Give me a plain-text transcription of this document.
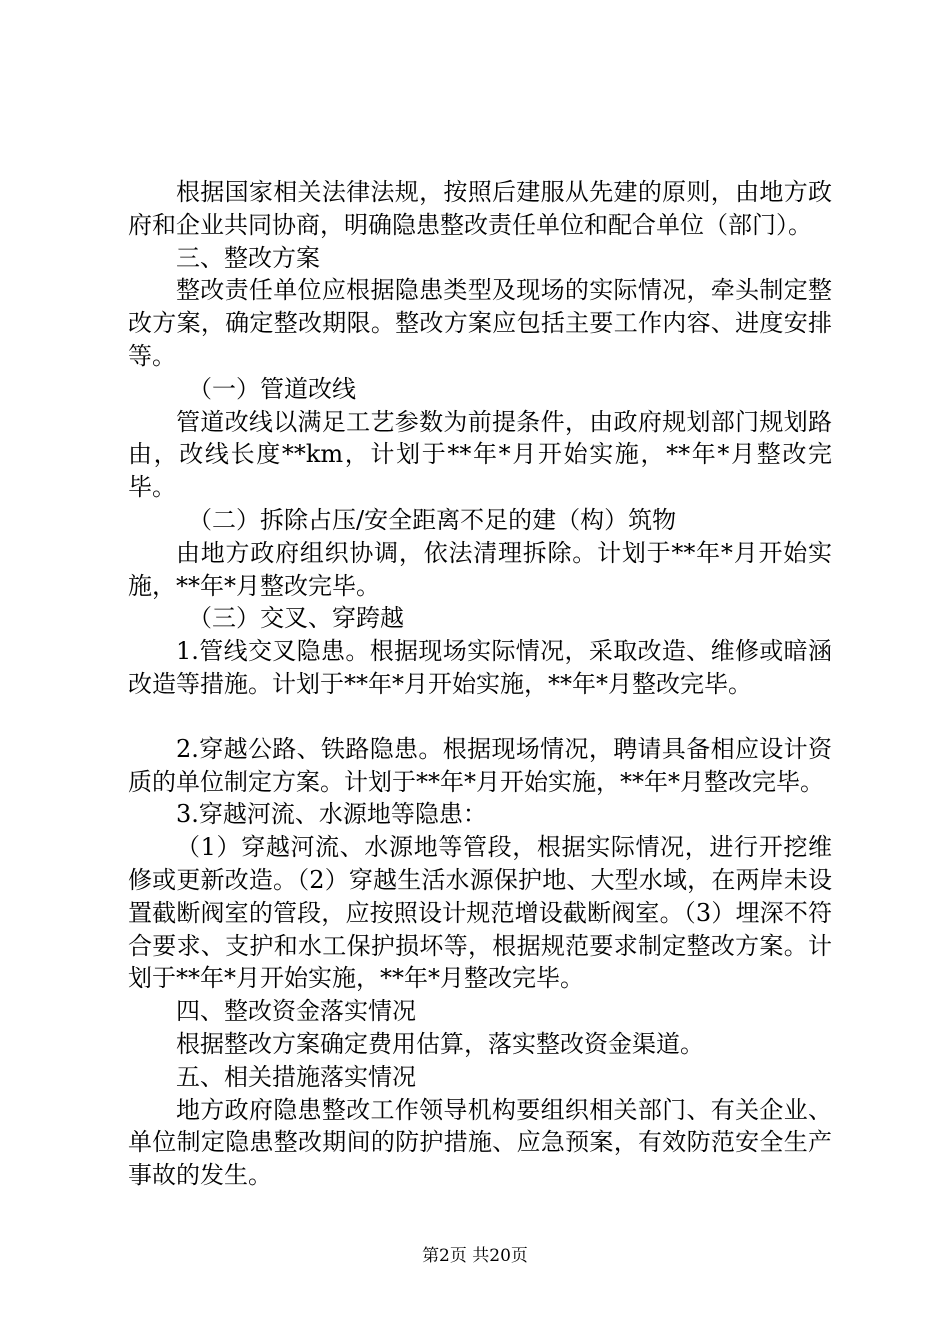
根据国家相关法律法规，按照后建服从先建的原则，由地方政府和企业共同协商，明确隐患整改责任单位和配合单位（部门）。

三、整改方案

整改责任单位应根据隐患类型及现场的实际情况，牵头制定整改方案，确定整改期限。整改方案应包括主要工作内容、进度安排等。

（一）管道改线

管道改线以满足工艺参数为前提条件，由政府规划部门规划路由，改线长度**km，计划于**年*月开始实施，**年*月整改完毕。

（二）拆除占压/安全距离不足的建（构）筑物

由地方政府组织协调，依法清理拆除。计划于**年*月开始实施，**年*月整改完毕。

（三）交叉、穿跨越

1.管线交叉隐患。根据现场实际情况，采取改造、维修或暗涵改造等措施。计划于**年*月开始实施，**年*月整改完毕。

2.穿越公路、铁路隐患。根据现场情况，聘请具备相应设计资质的单位制定方案。计划于**年*月开始实施，**年*月整改完毕。

3.穿越河流、水源地等隐患：

（1）穿越河流、水源地等管段，根据实际情况，进行开挖维修或更新改造。（2）穿越生活水源保护地、大型水域，在两岸未设置截断阀室的管段，应按照设计规范增设截断阀室。（3）埋深不符合要求、支护和水工保护损坏等，根据规范要求制定整改方案。计划于**年*月开始实施，**年*月整改完毕。

四、整改资金落实情况

根据整改方案确定费用估算，落实整改资金渠道。

五、相关措施落实情况

地方政府隐患整改工作领导机构要组织相关部门、有关企业、单位制定隐患整改期间的防护措施、应急预案，有效防范安全生产事故的发生。

第2页 共20页
